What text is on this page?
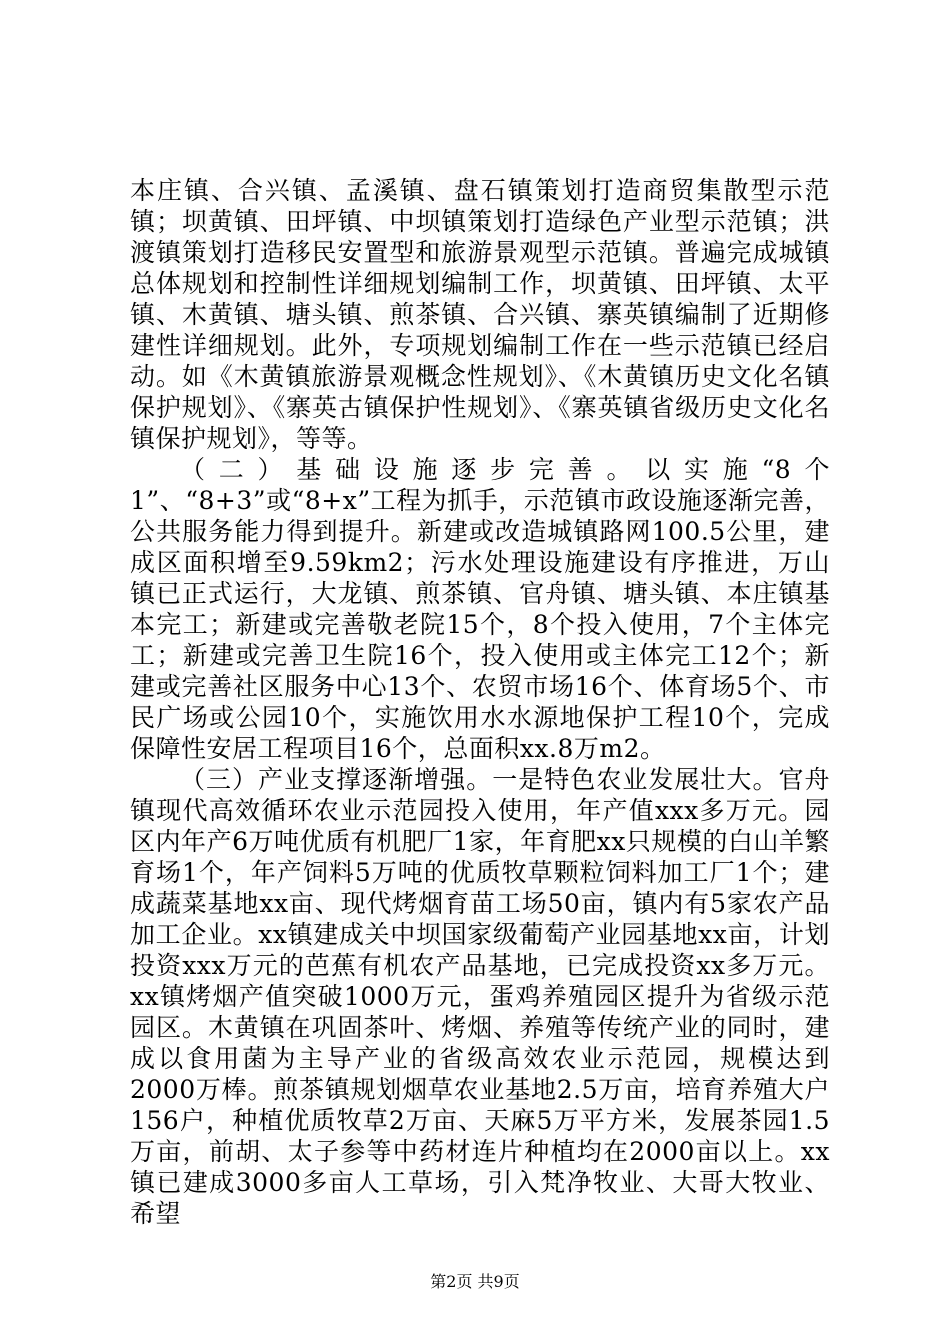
本庄镇、合兴镇、孟溪镇、盘石镇策划打造商贸集散型示范镇；坝黄镇、田坪镇、中坝镇策划打造绿色产业型示范镇；洪渡镇策划打造移民安置型和旅游景观型示范镇。普遍完成城镇总体规划和控制性详细规划编制工作，坝黄镇、田坪镇、太平镇、木黄镇、塘头镇、煎茶镇、合兴镇、寨英镇编制了近期修建性详细规划。此外，专项规划编制工作在一些示范镇已经启动。如《木黄镇旅游景观概念性规划》、《木黄镇历史文化名镇保护规划》、《寨英古镇保护性规划》、《寨英镇省级历史文化名镇保护规划》，等等。

（二）基础设施逐步完善。以实施“8个1”、“8+3”或“8+x”工程为抓手，示范镇市政设施逐渐完善，公共服务能力得到提升。新建或改造城镇路网100.5公里，建成区面积增至9.59km2；污水处理设施建设有序推进，万山镇已正式运行，大龙镇、煎茶镇、官舟镇、塘头镇、本庄镇基本完工；新建或完善敬老院15个，8个投入使用，7个主体完工；新建或完善卫生院16个，投入使用或主体完工12个；新建或完善社区服务中心13个、农贸市场16个、体育场5个、市民广场或公园10个，实施饮用水水源地保护工程10个，完成保障性安居工程项目16个，总面积xx.8万m2。

（三）产业支撑逐渐增强。一是特色农业发展壮大。官舟镇现代高效循环农业示范园投入使用，年产值xxx多万元。园区内年产6万吨优质有机肥厂1家，年育肥xx只规模的白山羊繁育场1个，年产饲料5万吨的优质牧草颗粒饲料加工厂1个；建成蔬菜基地xx亩、现代烤烟育苗工场50亩，镇内有5家农产品加工企业。xx镇建成关中坝国家级葡萄产业园基地xx亩，计划投资xxx万元的芭蕉有机农产品基地，已完成投资xx多万元。xx镇烤烟产值突破1000万元，蛋鸡养殖园区提升为省级示范园区。木黄镇在巩固茶叶、烤烟、养殖等传统产业的同时，建成以食用菌为主导产业的省级高效农业示范园，规模达到2000万棒。煎茶镇规划烟草农业基地2.5万亩，培育养殖大户156户，种植优质牧草2万亩、天麻5万平方米，发展茶园1.5万亩，前胡、太子参等中药材连片种植均在2000亩以上。xx镇已建成3000多亩人工草场，引入梵净牧业、大哥大牧业、希望

第2页 共9页
